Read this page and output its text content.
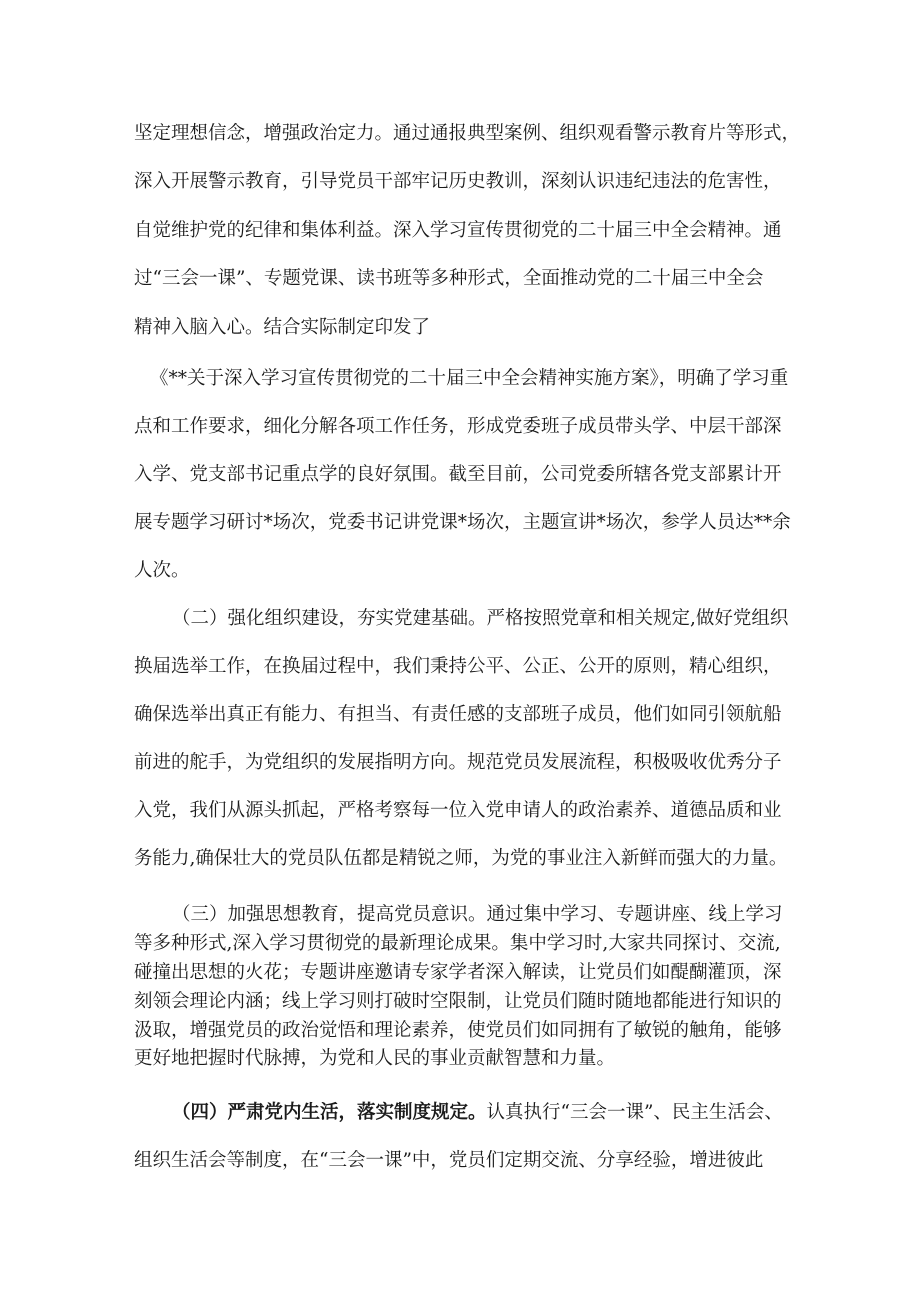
坚定理想信念，增强政治定力。通过通报典型案例、组织观看警示教育片等形式，
深入开展警示教育，引导党员干部牢记历史教训，深刻认识违纪违法的危害性，
自觉维护党的纪律和集体利益。深入学习宣传贯彻党的二十届三中全会精神。通
过“三会一课”、专题党课、读书班等多种形式，全面推动党的二十届三中全会
精神入脑入心。结合实际制定印发了
《**关于深入学习宣传贯彻党的二十届三中全会精神实施方案》，明确了学习重
点和工作要求，细化分解各项工作任务，形成党委班子成员带头学、中层干部深
入学、党支部书记重点学的良好氛围。截至目前，公司党委所辖各党支部累计开
展专题学习研讨*场次，党委书记讲党课*场次，主题宣讲*场次，参学人员达**余
人次。
（二）强化组织建设，夯实党建基础。严格按照党章和相关规定,做好党组织
换届选举工作，在换届过程中，我们秉持公平、公正、公开的原则，精心组织，
确保选举出真正有能力、有担当、有责任感的支部班子成员，他们如同引领航船
前进的舵手，为党组织的发展指明方向。规范党员发展流程，积极吸收优秀分子
入党，我们从源头抓起，严格考察每一位入党申请人的政治素养、道德品质和业
务能力,确保壮大的党员队伍都是精锐之师，为党的事业注入新鲜而强大的力量。
（三）加强思想教育，提高党员意识。通过集中学习、专题讲座、线上学习
等多种形式,深入学习贯彻党的最新理论成果。集中学习时,大家共同探讨、交流,
碰撞出思想的火花；专题讲座邀请专家学者深入解读，让党员们如醍醐灌顶，深
刻领会理论内涵；线上学习则打破时空限制，让党员们随时随地都能进行知识的
汲取，增强党员的政治觉悟和理论素养，使党员们如同拥有了敏锐的触角，能够
更好地把握时代脉搏，为党和人民的事业贡献智慧和力量。
（四）严肃党内生活，落实制度规定。认真执行“三会一课”、民主生活会、
组织生活会等制度，在“三会一课”中，党员们定期交流、分享经验，增进彼此
